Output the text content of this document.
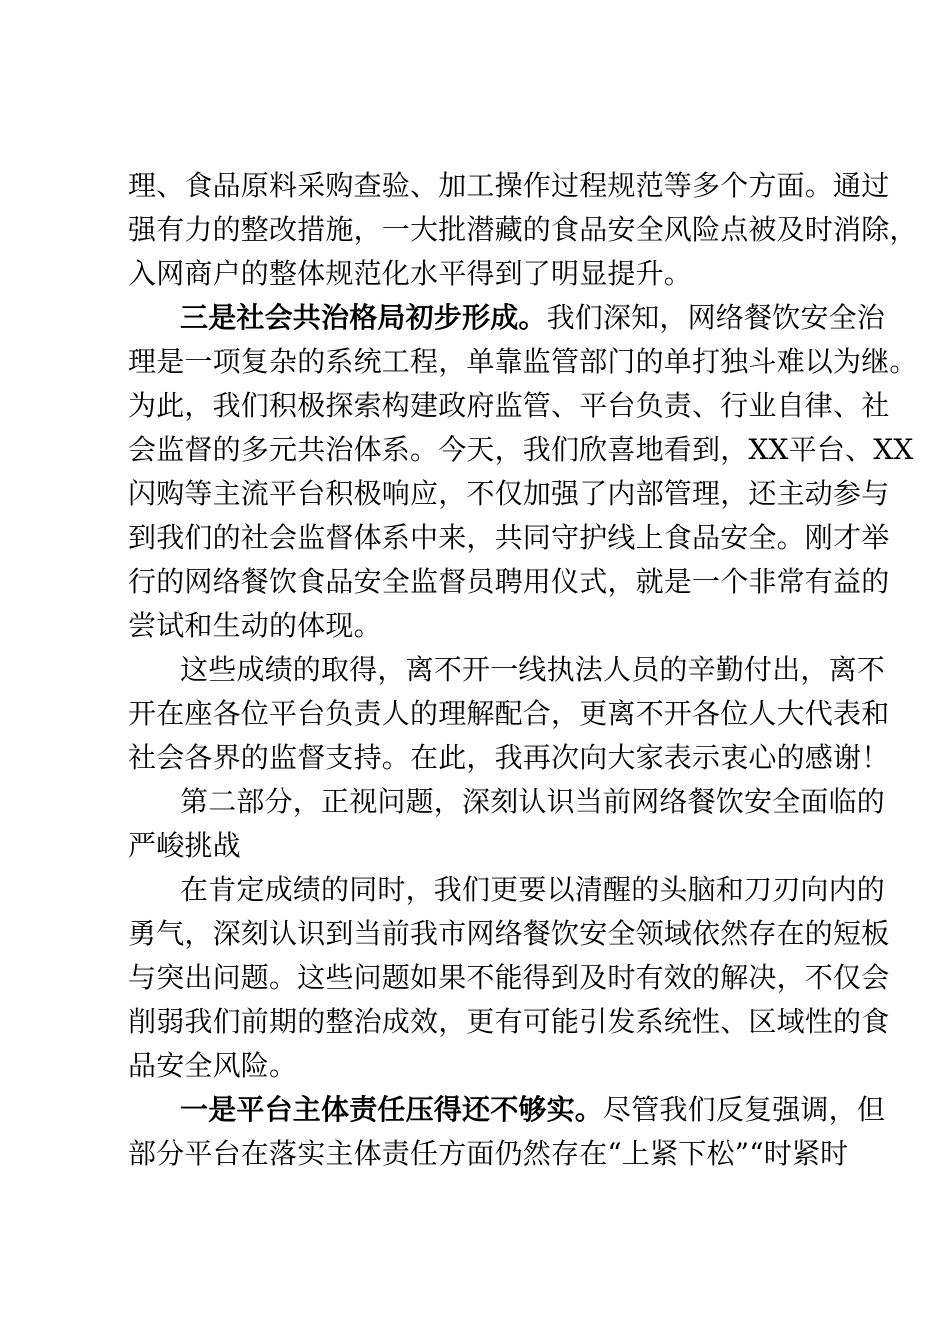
理、食品原料采购查验、加工操作过程规范等多个方面。通过
强有力的整改措施，一大批潜藏的食品安全风险点被及时消除，
入网商户的整体规范化水平得到了明显提升。
三是社会共治格局初步形成。我们深知，网络餐饮安全治
理是一项复杂的系统工程，单靠监管部门的单打独斗难以为继。
为此，我们积极探索构建政府监管、平台负责、行业自律、社
会监督的多元共治体系。今天，我们欣喜地看到，XX平台、XX
闪购等主流平台积极响应，不仅加强了内部管理，还主动参与
到我们的社会监督体系中来，共同守护线上食品安全。刚才举
行的网络餐饮食品安全监督员聘用仪式，就是一个非常有益的
尝试和生动的体现。
这些成绩的取得，离不开一线执法人员的辛勤付出，离不
开在座各位平台负责人的理解配合，更离不开各位人大代表和
社会各界的监督支持。在此，我再次向大家表示衷心的感谢！
第二部分，正视问题，深刻认识当前网络餐饮安全面临的
严峻挑战
在肯定成绩的同时，我们更要以清醒的头脑和刀刃向内的
勇气，深刻认识到当前我市网络餐饮安全领域依然存在的短板
与突出问题。这些问题如果不能得到及时有效的解决，不仅会
削弱我们前期的整治成效，更有可能引发系统性、区域性的食
品安全风险。
一是平台主体责任压得还不够实。尽管我们反复强调，但
部分平台在落实主体责任方面仍然存在“上紧下松”“时紧时
